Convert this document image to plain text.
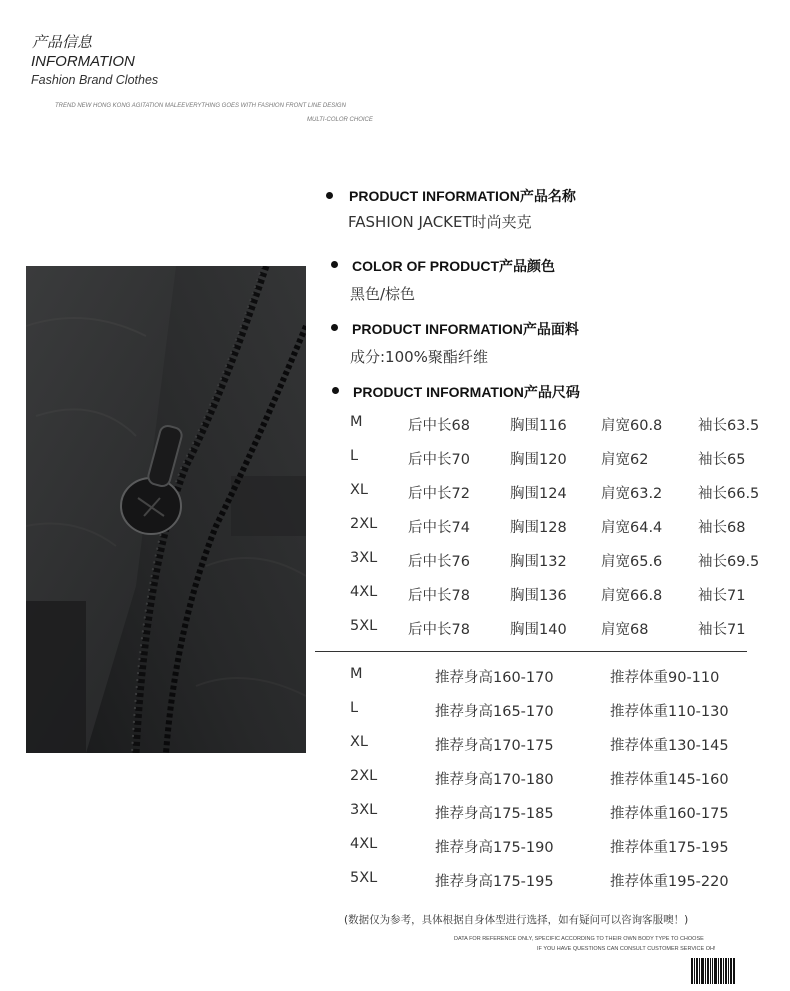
产品信息
INFORMATION
Fashion Brand Clothes
TREND NEW HONG KONG AGITATION MALEEVERYTHING GOES WITH FASHION FRONT LINE DESIGN
MULTI-COLOR CHOICE
PRODUCT INFORMATION产品名称
FASHION JACKET时尚夹克
COLOR OF PRODUCT产品颜色
黑色/棕色
PRODUCT INFORMATION产品面料
成分:100%聚酯纤维
PRODUCT INFORMATION产品尺码
M	后中长68	胸围116 肩宽60.8 袖长63.5
L	后中长70	胸围120 肩宽62	袖长65
XL	后中长72	胸围124 肩宽63.2 袖长66.5
2XL 后中长74	胸围128 肩宽64.4 袖长68
3XL 后中长76	胸围132 肩宽65.6 袖长69.5
4XL 后中长78	胸围136 肩宽66.8 袖长71
5XL 后中长78	胸围140 肩宽68	袖长71
M	推荐身高160-170	推荐体重90-110
L	推荐身高165-170	推荐体重110-130
XL	推荐身高170-175	推荐体重130-145
2XL	推荐身高170-180	推荐体重145-160
3XL	推荐身高175-185	推荐体重160-175
4XL	推荐身高175-190	推荐体重175-195
5XL	推荐身高175-195	推荐体重195-220
(数据仅为参考，具体根据自身体型进行选择，如有疑问可以咨询客服噢！)
DATA FOR REFERENCE ONLY, SPECIFIC ACCORDING TO THEIR OWN BODY TYPE TO CHOOSE
IF YOU HAVE QUESTIONS CAN CONSULT CUSTOMER SERVICE OH!
